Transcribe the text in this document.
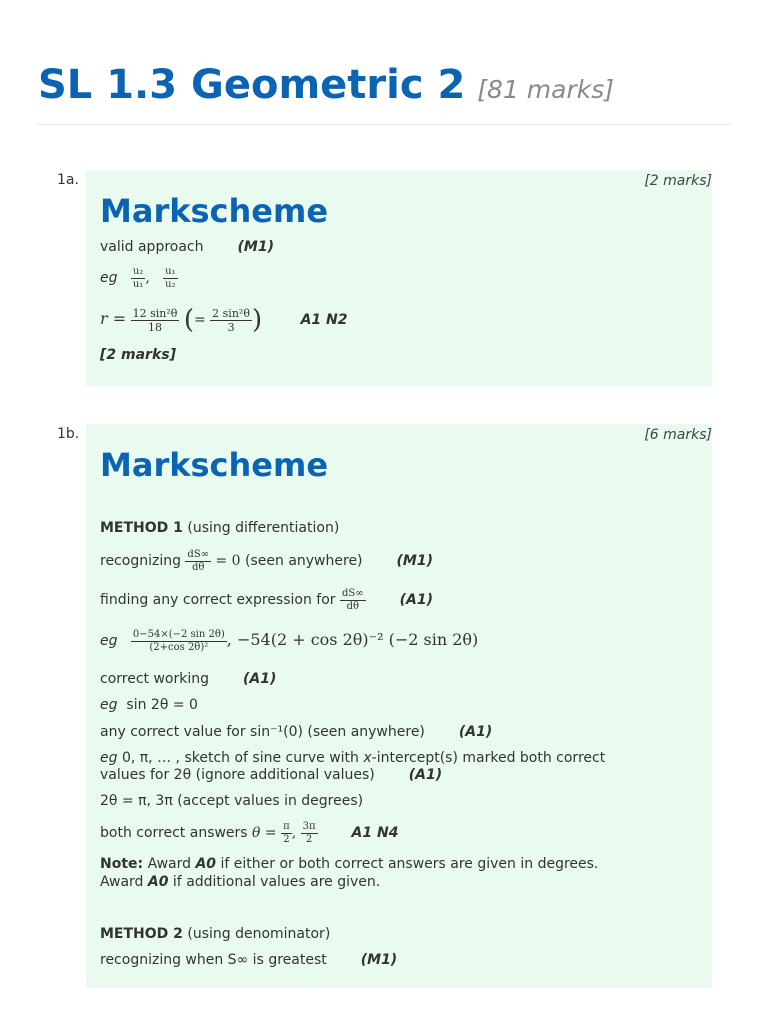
SL 1.3 Geometric 2 [81 marks]
1a.	[2 marks]
Markscheme
valid approach (M1)
eg $\frac{\text{u₂}}{\text{u₁}}$ , $\frac{\text{u₁}}{\text{u₂}}$
$r = \frac{\text{12 sin²θ}}{18}$ (= $\frac{\text{2 sin²θ}}{3}$ )	A1 N2
[2 marks]
1b.	[6 marks]
Markscheme
METHOD 1 (using differentiation)
recognizing $\frac{dS\infty}{d\theta} = 0$ (seen anywhere) (M1)
finding any correct expression for $\frac{dS\infty}{d\theta} (A1)$
eg $\frac{0-54\times(-2 \sin 2\theta)}{\text{(2+cos 2θ)²}}$ , −54(2 + cos 2θ)⁻² (−2 sin 2θ)
correct working (A1)
eg sin 2θ = 0
any correct value for sin⁻¹(0) (seen anywhere) (A1)
eg 0, π, … , sketch of sine curve with x-intercept(s) marked both correct
values for 2θ (ignore additional values) (A1)
2θ = π, 3π (accept values in degrees)
both correct answers $\theta = \frac{\pi}{2}$ , $\frac{3\pi}{2} A1$ N4
Note: Award A0 if either or both correct answers are given in degrees.
Award A0 if additional values are given.
METHOD 2 (using denominator)
recognizing when S∞ is greatest (M1)
